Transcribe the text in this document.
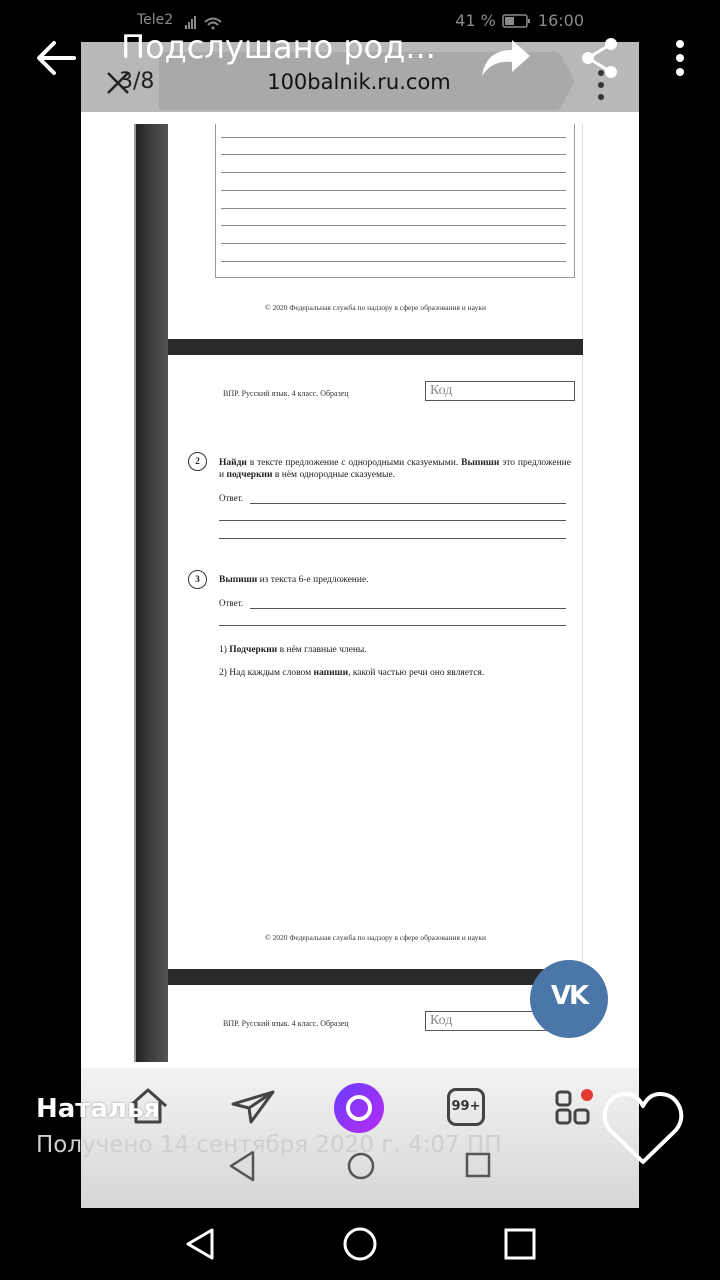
Tele2	41 %	16:00
3/8	100balnik.ru.com
© 2020 Федеральная служба по надзору в сфере образования и науки
ВПР. Русский язык. 4 класс. Образец	Код
2	Найди в тексте предложение с однородными сказуемыми. Выпиши это предложение и подчеркни в нём однородные сказуемые.
Ответ.
3	Выпиши из текста 6-е предложение.
Ответ.
1) Подчеркни в нём главные члены.
2) Над каждым словом напиши, какой частью речи оно является.
© 2020 Федеральная служба по надзору в сфере образования и науки
ВПР. Русский язык. 4 класс. Образец	Код
VK
99+
Подслушано род...
Наталья
Получено 14 сентября 2020 г. 4:07 ПП
